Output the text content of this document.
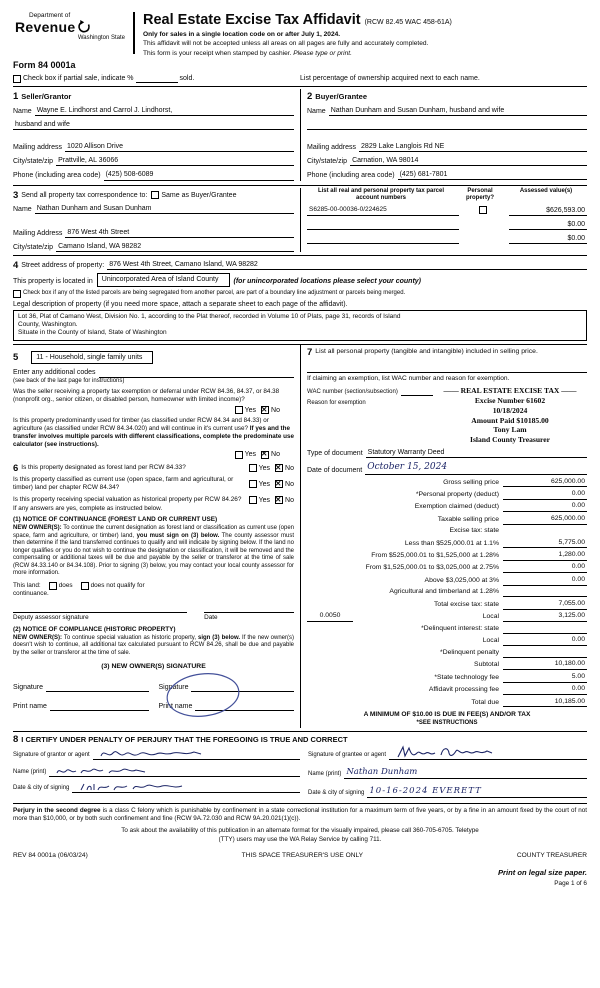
Department of
Revenue
Washington State
Real Estate Excise Tax Affidavit (RCW 82.45 WAC 458-61A)
Only for sales in a single location code on or after July 1, 2024.
This affidavit will not be accepted unless all areas on all pages are fully and accurately completed.
This form is your receipt when stamped by cashier. Please type or print.
Form 84 0001a
Check box if partial sale, indicate %	sold.	List percentage of ownership acquired next to each name.
1 Seller/Grantor
Name Wayne E. Lindhorst and Carrol J. Lindhorst,
husband and wife
Mailing address 1020 Allison Drive
City/state/zip Prattville, AL 36066
Phone (including area code) (425) 508-6089
2 Buyer/Grantee
Name Nathan Dunham and Susan Dunham, husband and wife
Mailing address 2829 Lake Langlois Rd NE
City/state/zip Carnation, WA 98014
Phone (including area code) (425) 681-7801
3 Send all property tax correspondence to:	Same as Buyer/Grantee
Name Nathan Dunham and Susan Dunham
Mailing Address 876 West 4th Street
City/state/zip Camano Island, WA 98282
List all real and personal property tax parcel account numbers
Personal property?
Assessed value(s)
S6285-00-00036-0/224625	$626,593.00
$0.00
$0.00
4 Street address of property: 876 West 4th Street, Camano Island, WA 98282
This property is located in	Unincorporated Area of Island County	(for unincorporated locations please select your county)
Check box if any of the listed parcels are being segregated from another parcel, are part of a boundary line adjustment or parcels being merged.
Legal description of property (if you need more space, attach a separate sheet to each page of the affidavit).
Lot 36, Plat of Camano West, Division No. 1, according to the Plat thereof, recorded in Volume 10 of Plats, page 31, records of Island
County, Washington.
Situate in the County of Island, State of Washington
5	11 - Household, single family units
Enter any additional codes
(see back of the last page for instructions)
Was the seller receiving a property tax exemption or deferral under RCW 84.36, 84.37, or 84.38 (nonprofit org., senior citizen, or disabled person, homeowner with limited income)?
Yes ✕	No
Is this property predominantly used for timber (as classified under RCW 84.34 and 84.33) or agriculture (as classified under RCW 84.34.020) and will continue in it's current use? If yes and the transfer involves multiple parcels with different classifications, complete the predominate use calculator (see instructions).
Yes ✕	No
6 Is this property designated as forest land per RCW 84.33?	Yes ✕	No
Is this property classified as current use (open space, farm and agricultural, or timber) land per chapter RCW 84.34?
Yes ✕	No
Is this property receiving special valuation as historical property per RCW 84.26?	Yes ✕	No
If any answers are yes, complete as instructed below.
(1) NOTICE OF CONTINUANCE (FOREST LAND OR CURRENT USE)
NEW OWNER(S): To continue the current designation as forest land or classification as current use (open space, farm and agriculture, or timber) land, you must sign on (3) below. The county assessor must then determine if the land transferred continues to qualify and will indicate by signing below. If the land no longer qualifies or you do not wish to continue the designation or classification, it will be removed and the compensating or additional taxes will be due and payable by the seller or transferor at the time of sale (RCW 84.33.140 or 84.34.108). Prior to signing (3) below, you may contact your local county assessor for more information.
This land:	does	does not qualify for
continuance.
Deputy assessor signature	Date
(2) NOTICE OF COMPLIANCE (HISTORIC PROPERTY)
NEW OWNER(S): To continue special valuation as historic property, sign (3) below. If the new owner(s) doesn't wish to continue, all additional tax calculated pursuant to RCW 84.26, shall be due and payable by the seller or transferor at the time of sale.
(3) NEW OWNER(S) SIGNATURE
Signature	Signature
Print name	Print name
7 List all personal property (tangible and intangible) included in selling price.
If claiming an exemption, list WAC number and reason for exemption.
WAC number (section/subsection)
Reason for exemption
—— REAL ESTATE EXCISE TAX ——
Excise Number 61602
10/18/2024
Amount Paid $10185.00
Tony Lam
Island County Treasurer
Type of document Statutory Warranty Deed
Date of document October 15, 2024
Gross selling price	625,000.00
*Personal property (deduct)	0.00
Exemption claimed (deduct)	0.00
Taxable selling price	625,000.00
Excise tax: state
Less than $525,000.01 at 1.1%	5,775.00
From $525,000.01 to $1,525,000 at 1.28%	1,280.00
From $1,525,000.01 to $3,025,000 at 2.75%	0.00
Above $3,025,000 at 3%	0.00
Agricultural and timberland at 1.28%
Total excise tax: state	7,055.00
0.0050	Local	3,125.00
*Delinquent interest: state
Local	0.00
*Delinquent penalty
Subtotal	10,180.00
*State technology fee	5.00
Affidavit processing fee	0.00
Total due	10,185.00
A MINIMUM OF $10.00 IS DUE IN FEE(S) AND/OR TAX
*SEE INSTRUCTIONS
8 I CERTIFY UNDER PENALTY OF PERJURY THAT THE FOREGOING IS TRUE AND CORRECT
Signature of grantor or agent
Name (print)
Date & city of signing
Signature of grantee or agent
Name (print) Nathan Dunham
Date & city of signing 10-16-2024 EVERETT
Perjury in the second degree is a class C felony which is punishable by confinement in a state correctional institution for a maximum term of five years, or by a fine in an amount fixed by the court of not more than $10,000, or by both such confinement and fine (RCW 9A.72.030 and RCW 9A.20.021(1)(c)).
To ask about the availability of this publication in an alternate format for the visually impaired, please call 360-705-6705. Teletype
(TTY) users may use the WA Relay Service by calling 711.
REV 84 0001a (06/03/24)	THIS SPACE TREASURER'S USE ONLY	COUNTY TREASURER
Print on legal size paper.
Page 1 of 6
